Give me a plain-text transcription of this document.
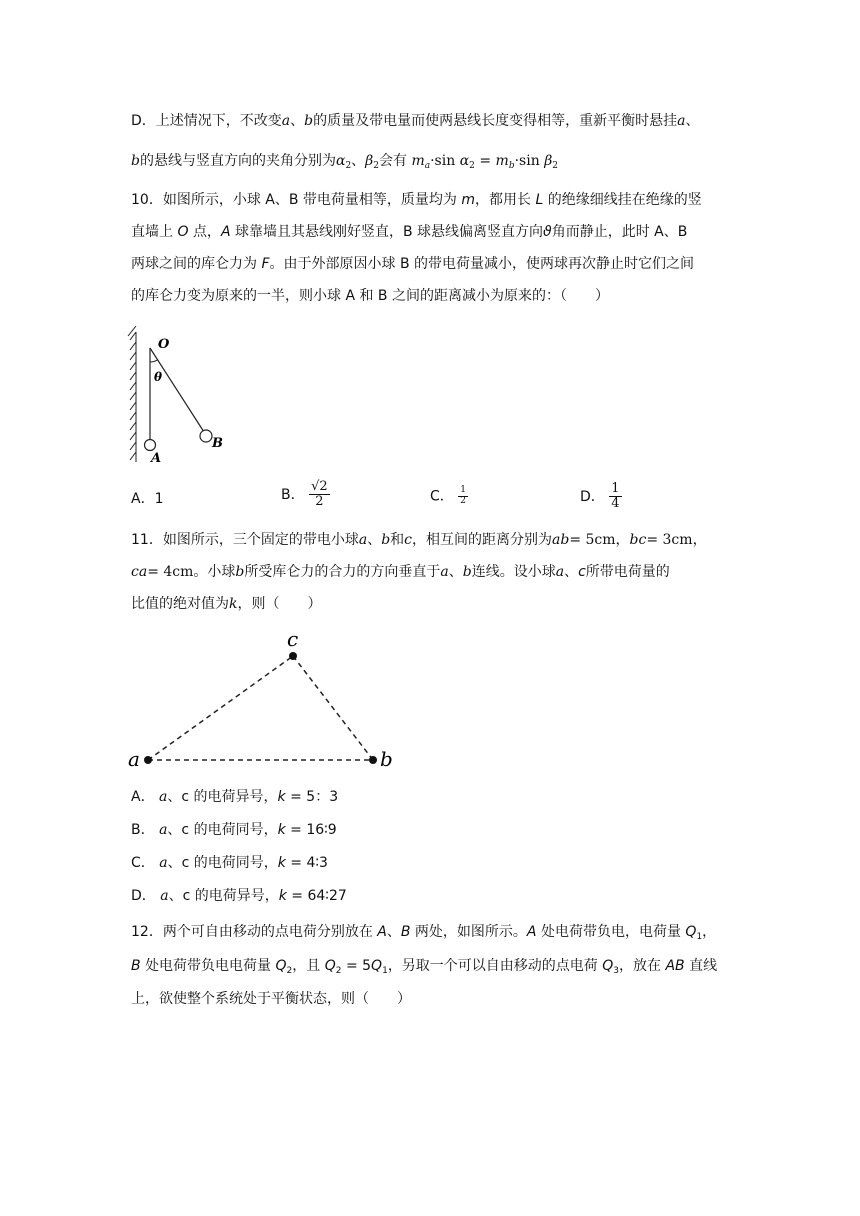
D．上述情况下，不改变a、b的质量及带电量而使两悬线长度变得相等，重新平衡时悬挂a、
b的悬线与竖直方向的夹角分别为$\alpha_2$、$\beta_2$会有 $m_a\cdot\sin$ $\alpha_2 = m_b\cdot\sin$ $\beta_2$
10．如图所示，小球 A、B 带电荷量相等，质量均为 m，都用长 L 的绝缘细线挂在绝缘的竖
直墙上 O 点，A 球靠墙且其悬线刚好竖直，B 球悬线偏离竖直方向ϑ角而静止，此时 A、B
两球之间的库仑力为 F。由于外部原因小球 B 的带电荷量减小，使两球再次静止时它们之间
的库仑力变为原来的一半，则小球 A 和 B 之间的距离减小为原来的：（　　）
O
θ
A
B
A．1	B． $\frac{√2}{2}$	C． $\frac{1}{2}$	D． $\frac{1}{4}$
11．如图所示，三个固定的带电小球a、b和c，相互间的距离分别为ab= 5cm，bc= 3cm，
ca= 4cm。小球b所受库仑力的合力的方向垂直于a、b连线。设小球a、c所带电荷量的
比值的绝对值为k，则（　　）
a	b
c
A． a、c 的电荷异号，k = 5：3
B． a、c 的电荷同号，k = 16∶9
C． a、c 的电荷同号，k = 4∶3
D． a、c 的电荷异号，k = 64∶27
12．两个可自由移动的点电荷分别放在 A、B 两处，如图所示。A 处电荷带负电，电荷量 $Q_1$，
B 处电荷带负电电荷量 $Q_2$，且 $Q_2 = 5Q_1$，另取一个可以自由移动的点电荷 $Q_3$，放在 AB 直线
上，欲使整个系统处于平衡状态，则（　　）
